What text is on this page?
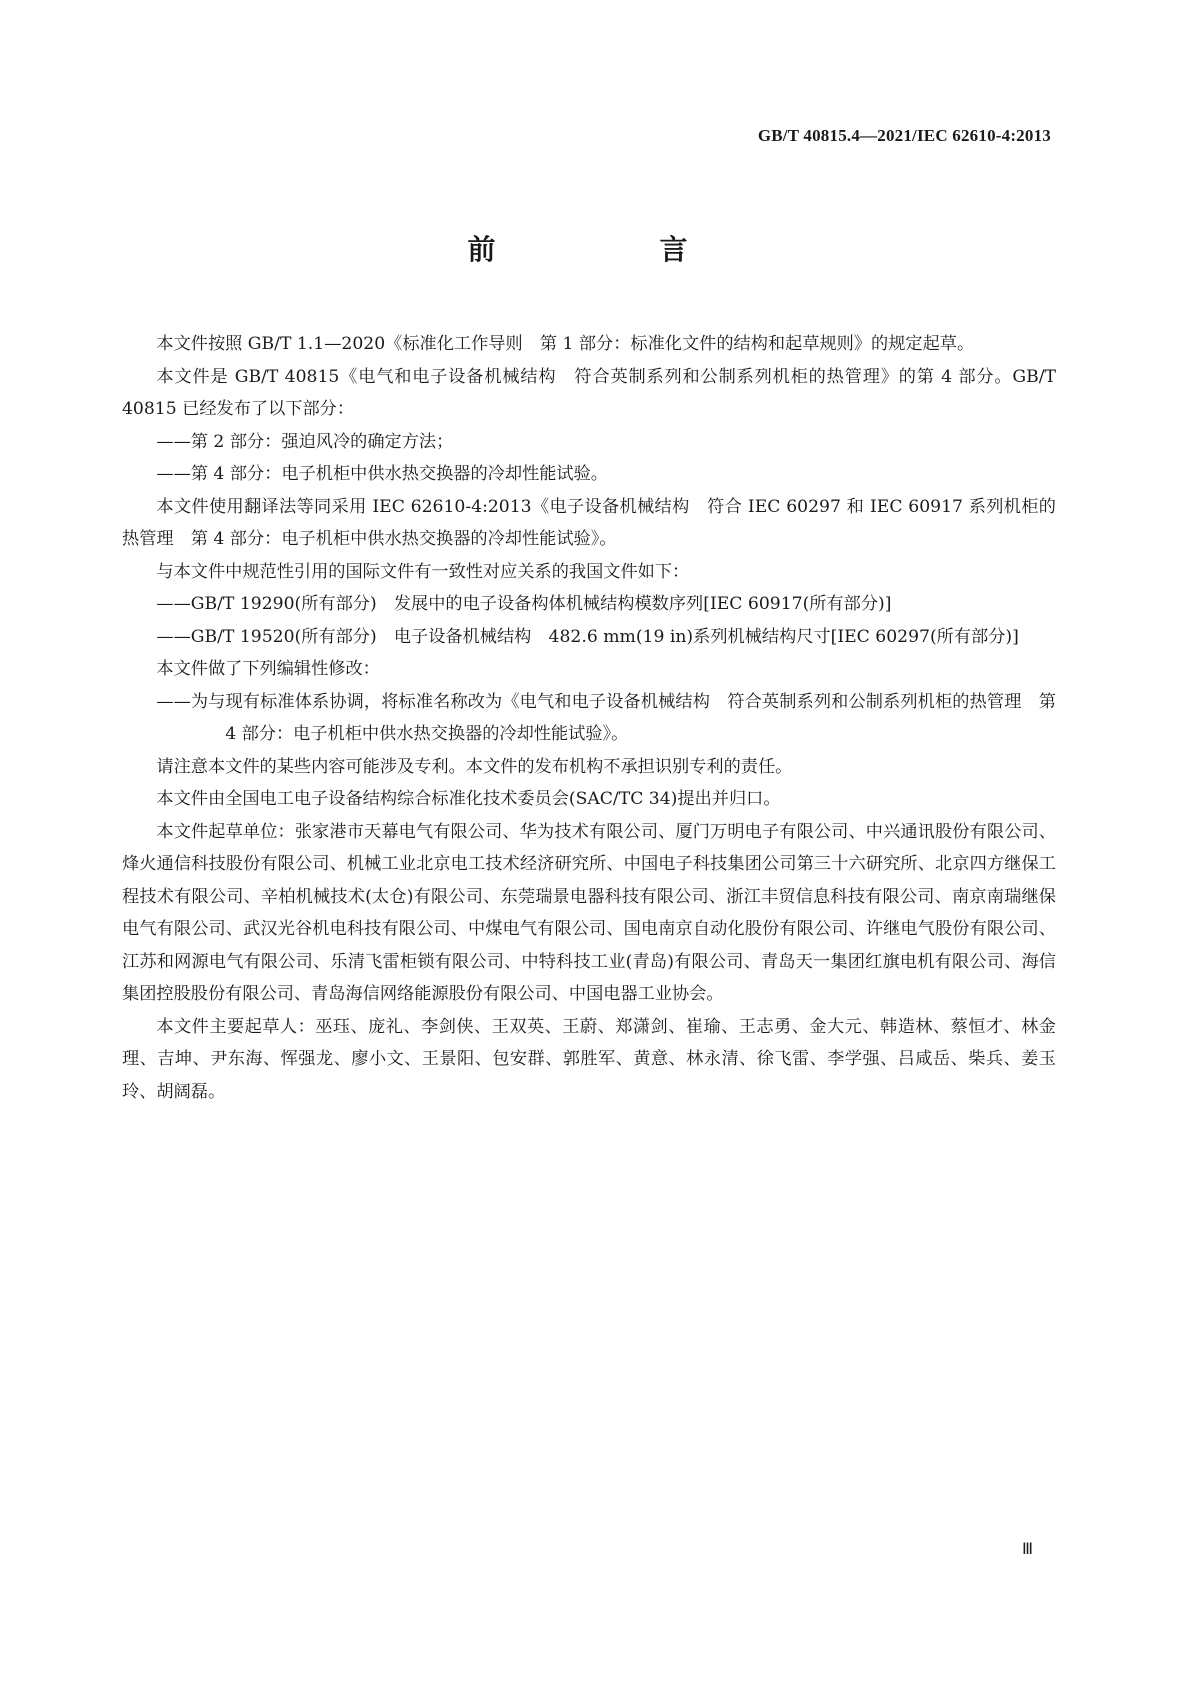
GB/T 40815.4—2021/IEC 62610-4:2013
前　　言

本文件按照 GB/T 1.1—2020《标准化工作导则　第 1 部分：标准化文件的结构和起草规则》的规定起草。

本文件是 GB/T 40815《电气和电子设备机械结构　符合英制系列和公制系列机柜的热管理》的第 4 部分。GB/T 40815 已经发布了以下部分：

——第 2 部分：强迫风冷的确定方法；

——第 4 部分：电子机柜中供水热交换器的冷却性能试验。

本文件使用翻译法等同采用 IEC 62610-4:2013《电子设备机械结构　符合 IEC 60297 和 IEC 60917 系列机柜的热管理　第 4 部分：电子机柜中供水热交换器的冷却性能试验》。

与本文件中规范性引用的国际文件有一致性对应关系的我国文件如下：

——GB/T 19290(所有部分)　发展中的电子设备构体机械结构模数序列[IEC 60917(所有部分)]

——GB/T 19520(所有部分)　电子设备机械结构　482.6 mm(19 in)系列机械结构尺寸[IEC 60297(所有部分)]

本文件做了下列编辑性修改：

——为与现有标准体系协调，将标准名称改为《电气和电子设备机械结构　符合英制系列和公制系列机柜的热管理　第 4 部分：电子机柜中供水热交换器的冷却性能试验》。

请注意本文件的某些内容可能涉及专利。本文件的发布机构不承担识别专利的责任。

本文件由全国电工电子设备结构综合标准化技术委员会(SAC/TC 34)提出并归口。

本文件起草单位：张家港市天幕电气有限公司、华为技术有限公司、厦门万明电子有限公司、中兴通讯股份有限公司、烽火通信科技股份有限公司、机械工业北京电工技术经济研究所、中国电子科技集团公司第三十六研究所、北京四方继保工程技术有限公司、辛柏机械技术(太仓)有限公司、东莞瑞景电器科技有限公司、浙江丰贸信息科技有限公司、南京南瑞继保电气有限公司、武汉光谷机电科技有限公司、中煤电气有限公司、国电南京自动化股份有限公司、许继电气股份有限公司、江苏和网源电气有限公司、乐清飞雷柜锁有限公司、中特科技工业(青岛)有限公司、青岛天一集团红旗电机有限公司、海信集团控股股份有限公司、青岛海信网络能源股份有限公司、中国电器工业协会。

本文件主要起草人：巫珏、庞礼、李剑侠、王双英、王蔚、郑潇剑、崔瑜、王志勇、金大元、韩造林、蔡恒才、林金理、吉坤、尹东海、恽强龙、廖小文、王景阳、包安群、郭胜军、黄意、林永清、徐飞雷、李学强、吕咸岳、柴兵、姜玉玲、胡阔磊。

Ⅲ
